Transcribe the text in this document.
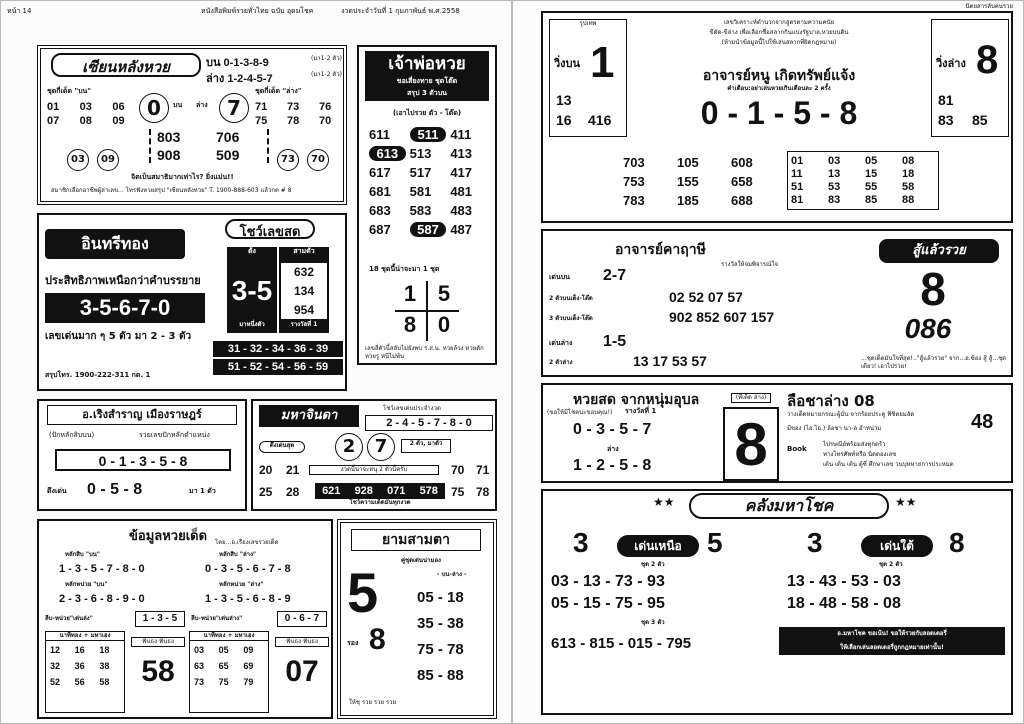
หน้า 14	หนังสือพิมพ์รวยทั่วไทย ฉบับ อุดมโชค	งวดประจำวันที่ 1 กุมภาพันธ์ พ.ศ.2558
เซียนหลังหวย	บน 0-1-3-8-9	(มา1-2 ตัว)
ล่าง 1-2-4-5-7	(มา1-2 ตัว)
ชุดกี่เด็ด "บน"
01	03	06
07	08	09
0	บน ล่าง 7
ชุดกี่เด็ด "ล่าง"
71	73	76
75	78	70
803	706
908	509
03	09	73	70
จิตเป็นสมาธิมากเท่าไร? ยิ่งแม่น!!
สมาชิกเลือกอาชีพผู้ล่าเลข... โทรฟังหวยสรุป "เซียนหลังหวย" T. 1900-888-603 แล้วกด # 8
เจ้าพ่อหวย
ขอเสี่ยงทาย ชุดโต๊ด
สรุป 3 ตัวบน
(เอาไปรวย ตัว - โต๊ด)
611	511 411
613 513	413
617	517	417
681	581	481
683	583	483
687	587 487
18 ชุดนี้น่าจะมา 1 ชุด
1 5
8 0
เลขสี่ตัวนี้สลับไม่ยังพบ ร.ส.น. หวยล้วง หวยดัก หวยรู หนีไม่พ้น
อินทรีทอง
โชว์เลขสด
ตั้ง	สามตัว
3-5
632
134
954
มาหนึ่งตัว	รางวัลที่ 1
ประสิทธิภาพเหนือกว่าคำบรรยาย
3-5-6-7-0
เลขเด่นมาก ๆ 5 ตัว มา 2 - 3 ตัว
31 - 32 - 34 - 36 - 39
51 - 52 - 54 - 56 - 59
สรุปโทร. 1900-222-311 กด. 1
อ.เริงสำราญ เมืองราษฎร์
(ปักหลักสิบบน)	รวยเลขปักหลักตำแหน่ง
0 - 1 - 3 - 5 - 8
ดึงเด่น 0 - 5 - 8	มา 1 ตัว
มหาจินดา	โชว์เลขเด่นประจำงวด
2 - 4 - 5 - 7 - 8 - 0
ดึงเด่นสุด	2	7	2 ตัว, มาตัว
งวดนี้น่าจะหนุ 2 ตัวนี้ครับ
20	21
25	28
70 71
75 78
621 928 071 578
โชว์ความเด็ดมันทุกงวด
ข้อมูลหวยเด็ด โดย...อ.เรื่องเลขรวยเด็ด
หลักสิบ "บน"
1 - 3 - 5 - 7 - 8 - 0
หลักสิบ "ล่าง"
0 - 3 - 5 - 6 - 7 - 8
หลักหน่วย "บน"
2 - 3 - 6 - 8 - 9 - 0
หลักหน่วย "ล่าง"
1 - 3 - 5 - 6 - 8 - 9
ลีบ-หน่วย"เด่นล่ง"	1 - 3 - 5	ลีบ-หน่วย"เด่นล่าง"	0 - 6 - 7
นาทีทอง + มหาเฮง
12	16	18
32	36	38
52	56	58
ฟันธง ฟันธง
58
นาทีทอง + มหาเฮง
03	05	09
63	65	69
73	75	79
ฟันธง ฟันธง
07
ยามสามตา
คู่ชุดเด่นน่ามอง
- บน-ล่าง -
5
รอง 8
05 - 18
35 - 38
75 - 78
85 - 88
ให้ชุ รวย รวย รวย
นิตยสารลับคนรวย
รูปเทพ
วิ่งบน 1
13
16 416
เลขวิเคราะห์ตำนวกจากสูตรตามความคนัย
ขีดัด-ขีล่าง เพื่อเลือกชื่อสลากกินแบ่งรัฐบาล,หวยบนดิน
(ห้ามนำข้อมูลนี้ไปใช้เล่นสลากที่ผิดกฎหมาย)
อาจารย์หนู เกิดทรัพย์แจ้ง
คำเตือน:อย่าเล่นหวยเกินเดือนละ 2 ครั้ง
0 - 1 - 5 - 8
วิ่งล่าง 8
81
83 85
703	105	608
753	155	658
783	185	688
01	03	05	08
11	13	15	18
51	53	55	58
81	83	85	88
อาจารย์คาฤาษี
รางวัลให้จมพิจารณ์ใจ
เด่นบน 2-7
2 ตัวบนเต็ง-โต๊ด	02 52 07 57
3 ตัวบนเต็ง-โต๊ด	902 852 607 157
เด่นล่าง 1-5
2 ตัวล่าง	13 17 53 57
สู้แล้วรวย
8
086
...ชุดเด็ดมันใจที่สุด!.."สู้แล้วรวย" จาก...อ.ซ้อง สู้ สู้...ชุดเดียว! เอาไปรวย!
หวยสด จากหนุ่มอุบล
(ขอให้มีโชคนะขอบคุณ!) รางวัลที่ 1
0 - 3 - 5 - 7
ล่าง
1 - 2 - 5 - 8
(ที่เด็ด ล่าง)
8
ลือชาล่าง 08
วางเด็ดหมายกรณะผู้มั่น จากร้อยประตู พิชิตยมลัด
มีของ (ไอ.ไอ.) ล้อชา นา-ล อำหน่วม	48
Book
ไปรษณีย์พร้อมส่งทุกตร้ว
ทางโทรศัพท์หรือ นิดดองเลข
เด้น เด้น เด้น ตู้ซี่ ศึกษาเลข วนบุหหายการประหมด
★★	คลังมหาโชค	★★
3	เด่นเหนือ 5
ชุด 2 ตัว
3	เด่นใต้	8
ชุด 2 ตัว
03 - 13 - 73 - 93
05 - 15 - 75 - 95
13 - 43 - 53 - 03
18 - 48 - 58 - 08
ชุด 3 ตัว
613 - 815 - 015 - 795
อ.มหาโชค ขอเน้น! ขอให้รวยกับลอตเตอรี่
ให้เลือกเล่นลอตเตอรี่ถูกกฎหมายเท่านั้น!
